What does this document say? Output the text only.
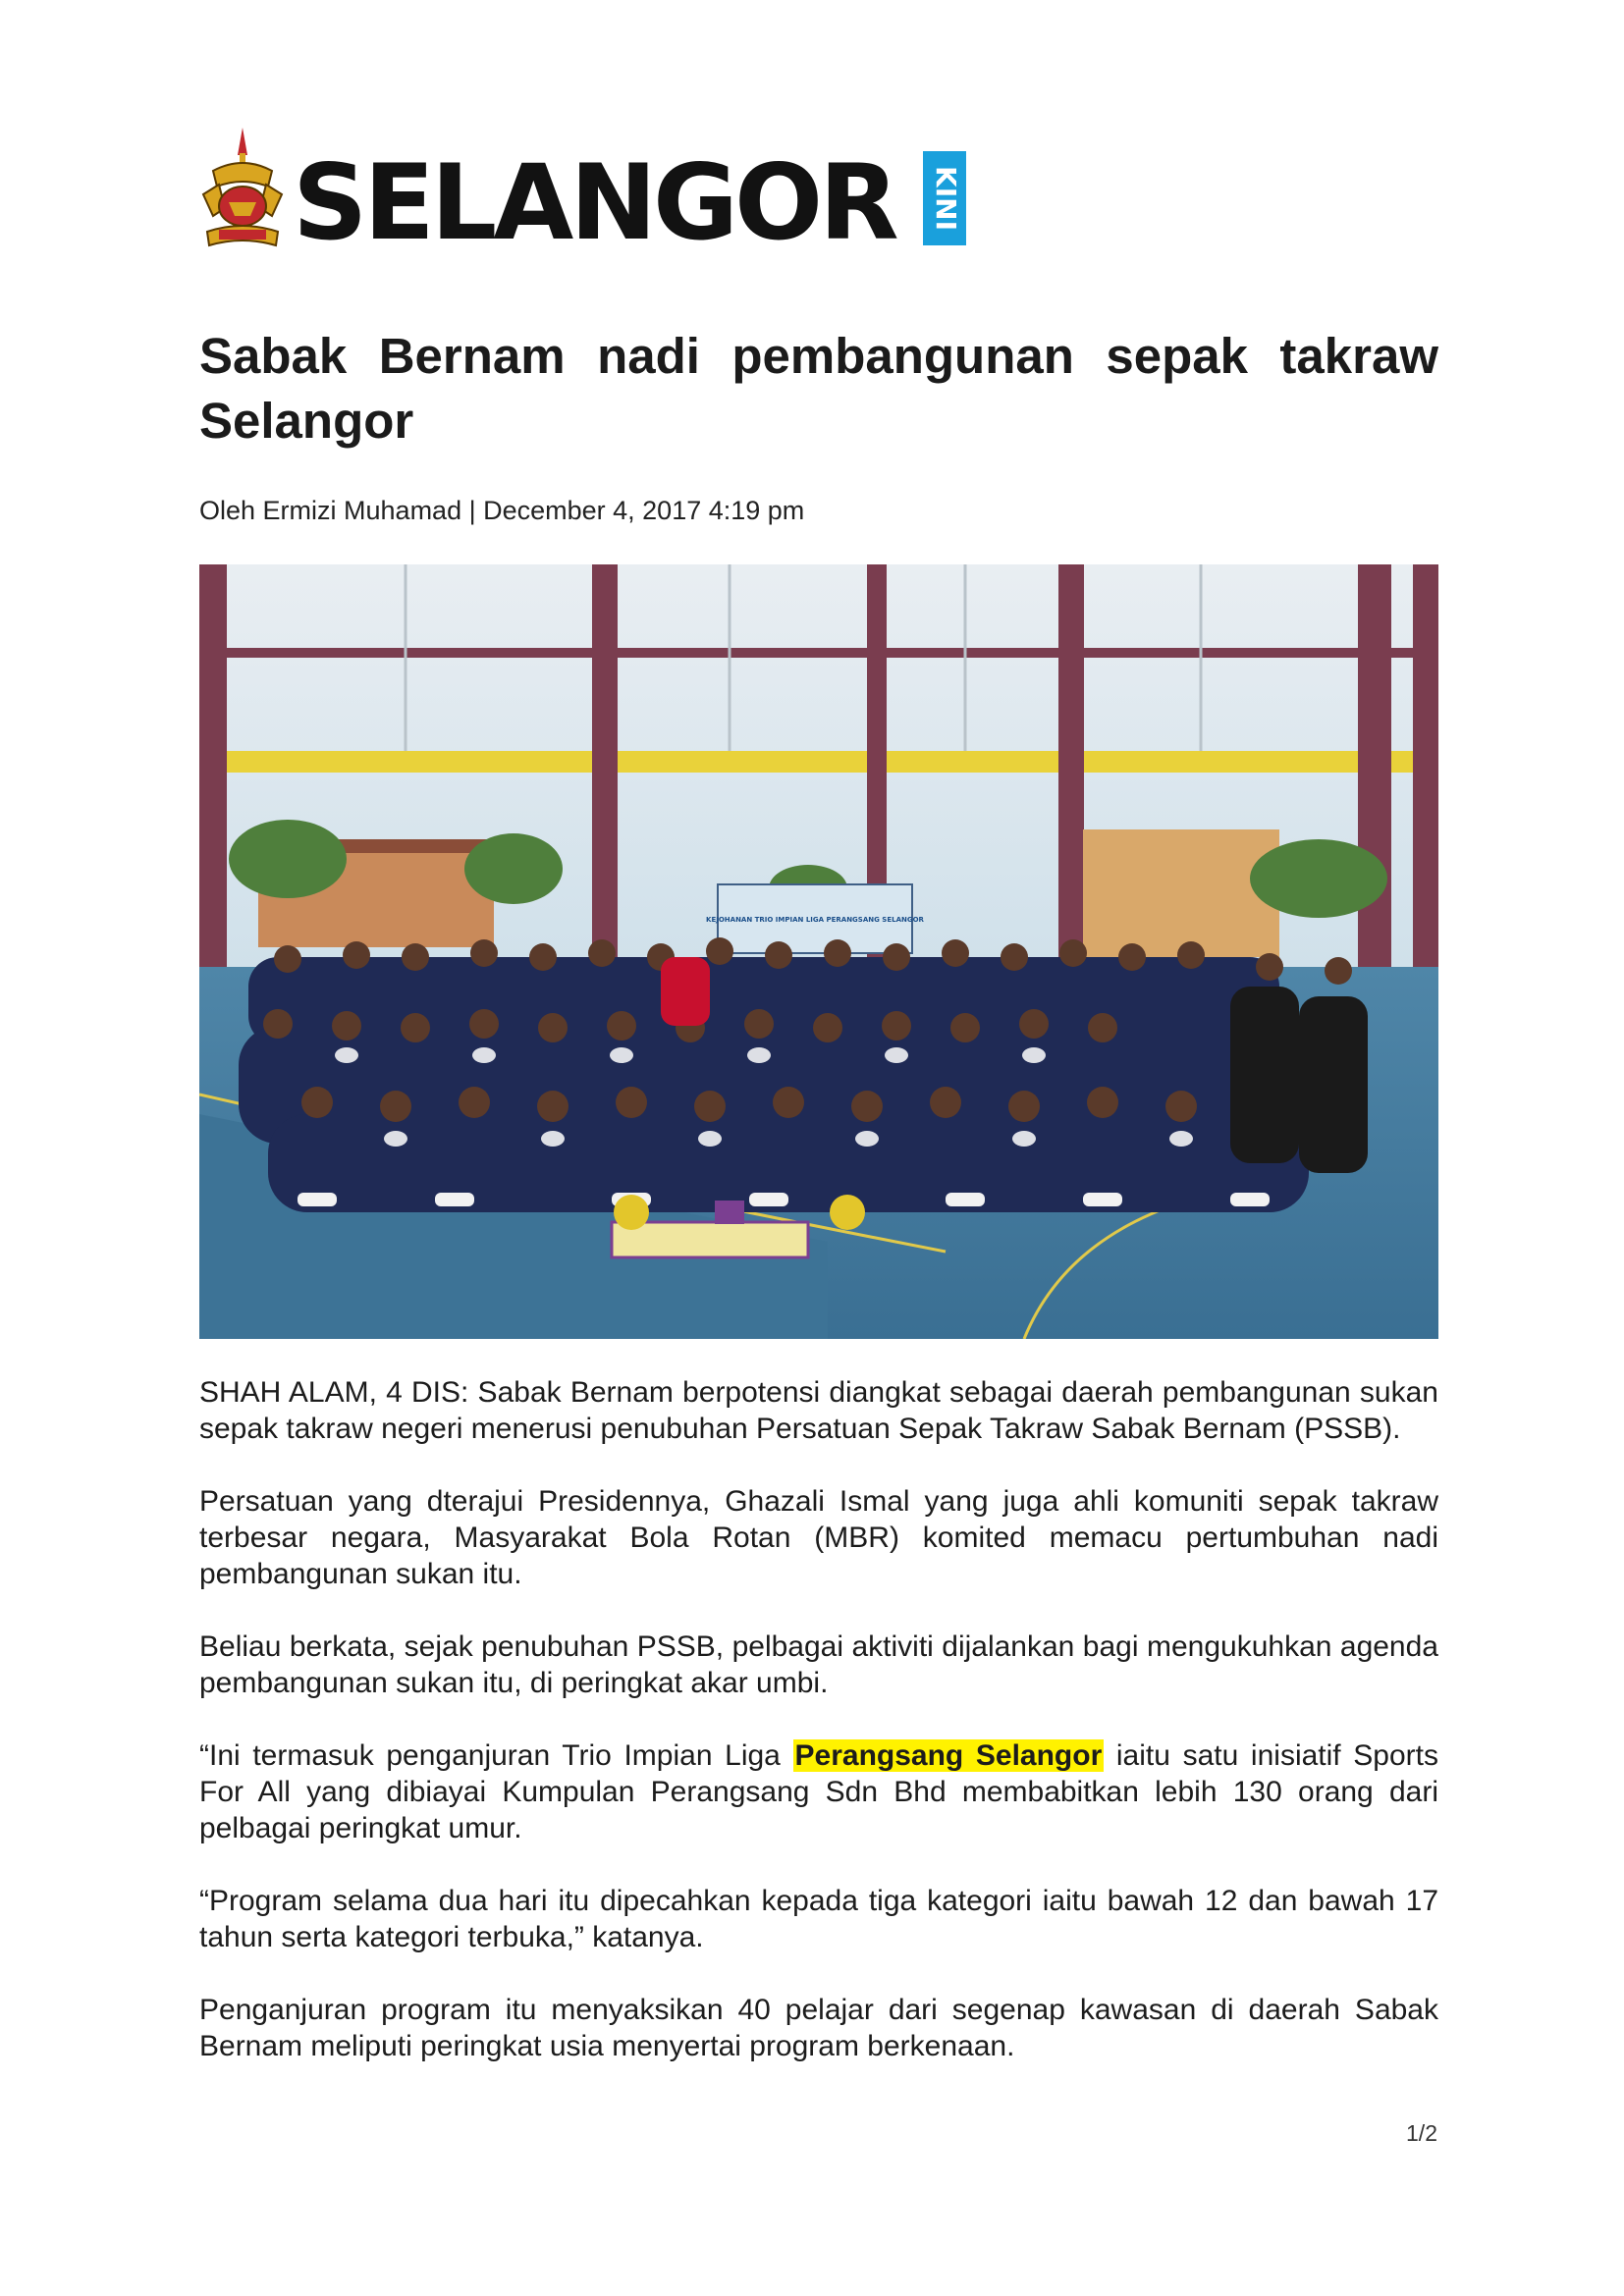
SELANGOR KINI
Sabak Bernam nadi pembangunan sepak takraw Selangor
Oleh Ermizi Muhamad | December 4, 2017 4:19 pm
KEJOHANAN TRIO IMPIAN LIGA PERANGSANG SELANGOR

SHAH ALAM, 4 DIS: Sabak Bernam berpotensi diangkat sebagai daerah pembangunan sukan sepak takraw negeri menerusi penubuhan Persatuan Sepak Takraw Sabak Bernam (PSSB).

Persatuan yang dterajui Presidennya, Ghazali Ismal yang juga ahli komuniti sepak takraw terbesar negara, Masyarakat Bola Rotan (MBR) komited memacu pertumbuhan nadi pembangunan sukan itu.

Beliau berkata, sejak penubuhan PSSB, pelbagai aktiviti dijalankan bagi mengukuhkan agenda pembangunan sukan itu, di peringkat akar umbi.

“Ini termasuk penganjuran Trio Impian Liga Perangsang Selangor iaitu satu inisiatif Sports For All yang dibiayai Kumpulan Perangsang Sdn Bhd membabitkan lebih 130 orang dari pelbagai peringkat umur.

“Program selama dua hari itu dipecahkan kepada tiga kategori iaitu bawah 12 dan bawah 17 tahun serta kategori terbuka,” katanya.

Penganjuran program itu menyaksikan 40 pelajar dari segenap kawasan di daerah Sabak Bernam meliputi peringkat usia menyertai program berkenaan.

1/2
